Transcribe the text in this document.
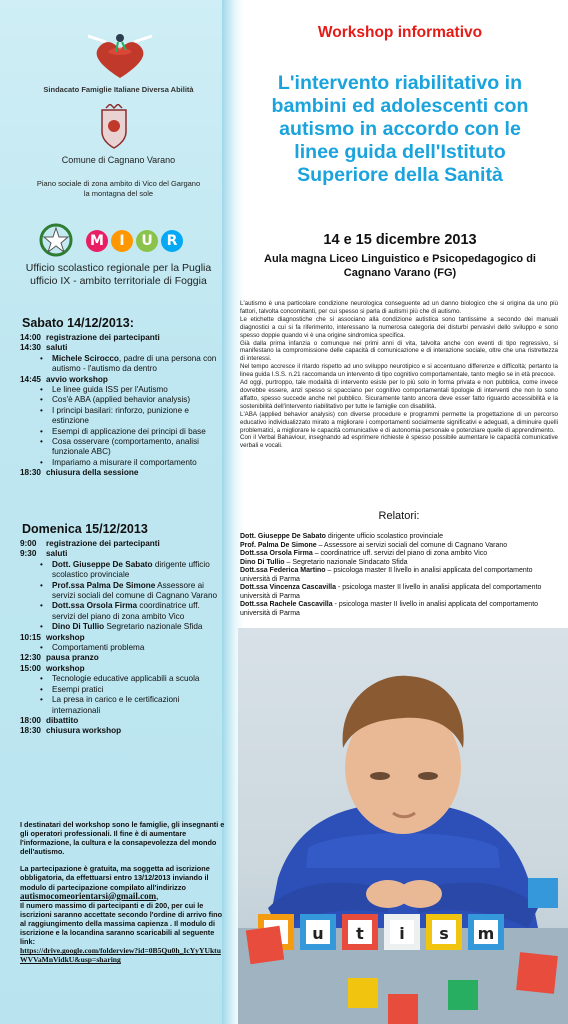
Sindacato Famiglie Italiane Diversa Abilità
Comune di Cagnano Varano
Piano sociale di zona ambito di Vico del Gargano
la montagna del sole
M	I	U R
Ufficio scolastico regionale per la Puglia
ufficio IX - ambito territoriale di Foggia
Sabato 14/12/2013:
14:00 registrazione dei partecipanti
14:30 saluti
•	Michele Scirocco, padre di una persona con autismo - l'autismo da dentro
14:45 avvio workshop
•	Le linee guida ISS per l'Autismo
•	Cos'è ABA (applied behavior analysis)
•	I principi basilari: rinforzo, punizione e estinzione
•	Esempi di applicazione dei principi di base
•	Cosa osservare (comportamento, analisi funzionale ABC)
•	Impariamo a misurare il comportamento
18:30 chiusura della sessione
Domenica 15/12/2013
9:00	registrazione dei partecipanti
9:30	saluti
•	Dott. Giuseppe De Sabato dirigente ufficio scolastico provinciale
•	Prof.ssa Palma De Simone Assessore ai servizi sociali del comune di Cagnano Varano
•	Dott.ssa Orsola Firma coordinatrice uff. servizi del piano di zona ambito Vico
•	Dino Di Tullio Segretario nazionale Sfida
10:15 workshop
•	Comportamenti problema
12:30 pausa pranzo
15:00 workshop
•	Tecnologie educative applicabili a scuola
•	Esempi pratici
•	La presa in carico e le certificazioni internazionali
18:00 dibattito
18:30 chiusura workshop

I destinatari del workshop sono le famiglie, gli insegnanti e gli operatori professionali. Il fine è di aumentare l'informazione, la cultura e la consapevolezza del mondo dell'autismo.

La partecipazione è gratuita, ma soggetta ad iscrizione obbligatoria, da effettuarsi entro 13/12/2013 inviando il modulo di partecipazione compilato all'indirizzo
autismocomeorientarsi@gmail.com,
Il numero massimo di partecipanti e di 200, per cui le iscrizioni saranno accettate secondo l'ordine di arrivo fino al raggiungimento della massima capienza . Il modulo di iscrizione e la locandina saranno scaricabili al seguente link:
https://drive.google.com/folderview?id=0B5Qu0h_IcYyYUktuWVVaMnVidkU&usp=sharing

Workshop informativo
L'intervento riabilitativo in
bambini ed adolescenti con
autismo in accordo con le
linee guida dell'Istituto
Superiore della Sanità
14 e 15 dicembre 2013
Aula magna Liceo Linguistico e Psicopedagogico di
Cagnano Varano (FG)

L'autismo è una particolare condizione neurologica conseguente ad un danno biologico che si origina da uno più fattori, talvolta concomitanti, per cui spesso si parla di autismi più che di autismo.

Le etichette diagnostiche che si associano alla condizione autistica sono tantissime a secondo dei manuali diagnostici a cui si fa riferimento, interessano la numerosa categoria dei disturbi pervasivi dello sviluppo e sono spesso doppie quando vi è una origine sindromica specifica.

Già dalla prima infanzia o comunque nei primi anni di vita, talvolta anche con eventi di tipo regressivo, si manifestano la compromissione delle capacità di comunicazione e di interazione sociale, oltre che una ristrettezza di interessi.

Nel tempo accresce il ritardo rispetto ad uno sviluppo neurotipico e si accentuano differenze e difficoltà; pertanto la linea guida I.S.S. n.21 raccomanda un intervento di tipo cognitivo comportamentale, tanto meglio se in età precoce.

Ad oggi, purtroppo, tale modalità di intervento esiste per lo più solo in forma privata e non pubblica, come invece dovrebbe essere, anzi spesso si spacciano per cognitivo comportamentali tipologie di interventi che non lo sono affatto, spesso succede anche nel pubblico. Sicuramente tanto ancora deve esser fatto riguardo accessibilità e la sostenibilità dell'intervento riabilitativo per tutte le famiglie con disabilità.

L'ABA (applied behavior analysis) con diverse procedure e programmi permette la progettazione di un percorso educativo individualizzato mirato a migliorare i comportamenti socialmente significativi e adeguati, a diminuire quelli problematici, a migliorare le capacità comunicative e di autonomia personale e potenziare quelle di apprendimento.

Con il Verbal Bahaviour, insegnando ad esprimere richieste è spesso possibile aumentare le capacità comunicative verbali e vocali.

Relatori:
Dott. Giuseppe De Sabato dirigente ufficio scolastico provinciale
Prof. Palma De Simone – Assessore ai servizi sociali del comune di Cagnano Varano
Dott.ssa Orsola Firma – coordinatrice uff. servizi del piano di zona ambito Vico
Dino Di Tullio – Segretario nazionale Sindacato Sfida
Dott.ssa Federica Martino – psicologa master II livello in analisi applicata del comportamento università di Parma
Dott.ssa Vincenza Cascavilla - psicologa master II livello in analisi applicata del comportamento università di Parma
Dott.ssa Rachele Cascavilla - psicologa master II livello in analisi applicata del comportamento università di Parma
u t i s m
